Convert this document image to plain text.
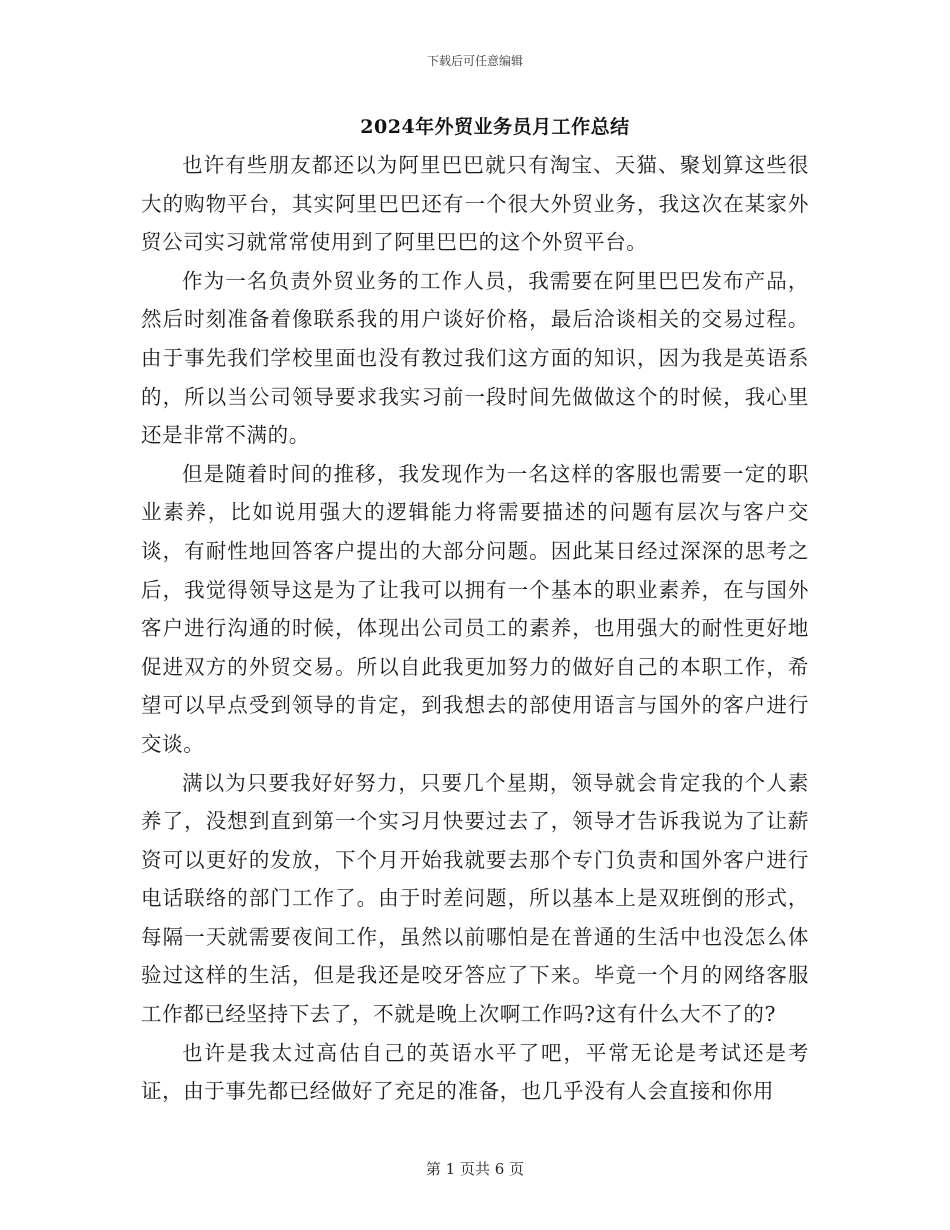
下载后可任意编辑
2024年外贸业务员月工作总结

也许有些朋友都还以为阿里巴巴就只有淘宝、天猫、聚划算这些很大的购物平台，其实阿里巴巴还有一个很大外贸业务，我这次在某家外贸公司实习就常常使用到了阿里巴巴的这个外贸平台。

作为一名负责外贸业务的工作人员，我需要在阿里巴巴发布产品，然后时刻准备着像联系我的用户谈好价格，最后洽谈相关的交易过程。由于事先我们学校里面也没有教过我们这方面的知识，因为我是英语系的，所以当公司领导要求我实习前一段时间先做做这个的时候，我心里还是非常不满的。

但是随着时间的推移，我发现作为一名这样的客服也需要一定的职业素养，比如说用强大的逻辑能力将需要描述的问题有层次与客户交谈，有耐性地回答客户提出的大部分问题。因此某日经过深深的思考之后，我觉得领导这是为了让我可以拥有一个基本的职业素养，在与国外客户进行沟通的时候，体现出公司员工的素养，也用强大的耐性更好地促进双方的外贸交易。所以自此我更加努力的做好自己的本职工作，希望可以早点受到领导的肯定，到我想去的部使用语言与国外的客户进行交谈。

满以为只要我好好努力，只要几个星期，领导就会肯定我的个人素养了，没想到直到第一个实习月快要过去了，领导才告诉我说为了让薪资可以更好的发放，下个月开始我就要去那个专门负责和国外客户进行电话联络的部门工作了。由于时差问题，所以基本上是双班倒的形式，每隔一天就需要夜间工作，虽然以前哪怕是在普通的生活中也没怎么体验过这样的生活，但是我还是咬牙答应了下来。毕竟一个月的网络客服工作都已经坚持下去了，不就是晚上次啊工作吗?这有什么大不了的?

也许是我太过高估自己的英语水平了吧，平常无论是考试还是考证，由于事先都已经做好了充足的准备，也几乎没有人会直接和你用

第 1 页共 6 页
